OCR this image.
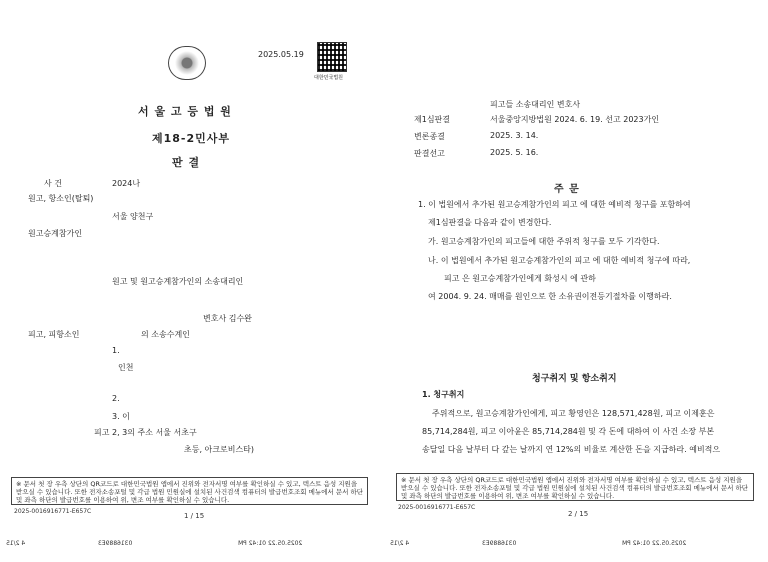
2025.05.19
대한민국법원
서 울 고 등 법 원
제18-2민사부
판 결
사 건	2024나
원고, 항소인(탈퇴)
서울 양천구
원고승계참가인
원고 및 원고승계참가인의 소송대리인
변호사 김수완
피고, 피항소인	의 소송수계인
1.
인천
2.
3. 이
피고 2, 3의 주소 서울 서초구
초등, 아크로비스타)
※ 문서 첫 장 우측 상단의 QR코드로 대한민국법원 앱에서 진위와 전자서명 여부를 확인하실 수 있고, 텍스트 음성 지원을 받으실 수 있습니다. 또한 전자소송포털 및 각급 법원 민원실에 설치된 사건검색 컴퓨터의 발급번호조회 메뉴에서 문서 하단 및 좌측 하단의 발급번호를 이용하여 위, 변조 여부를 확인하실 수 있습니다.
2025-0016916771-E657C
1 / 15
4 2/15	0316889E3	2025.05.22 01:42 PM
피고들 소송대리인 변호사
제1심판결	서울중앙지방법원 2024. 6. 19. 선고 2023가인
변론종결	2025. 3. 14.
판결선고	2025. 5. 16.
주 문
1. 이 법원에서 추가된 원고승계참가인의 피고 에 대한 예비적 청구를 포함하여
제1심판결을 다음과 같이 변경한다.
가. 원고승계참가인의 피고들에 대한 주위적 청구를 모두 기각한다.
나. 이 법원에서 추가된 원고승계참가인의 피고 에 대한 예비적 청구에 따라,
피고 은 원고승계참가인에게 화성시 에 관하
여 2004. 9. 24. 매매를 원인으로 한 소유권이전등기절차를 이행하라.
청구취지 및 항소취지
1. 청구취지
주위적으로, 원고승계참가인에게, 피고 황영인은 128,571,428원, 피고 이제훈은
85,714,284원, 피고 이아윤은 85,714,284원 및 각 돈에 대하여 이 사건 소장 부본
송달일 다음 날부터 다 갚는 날까지 연 12%의 비율로 계산한 돈을 지급하라. 예비적으
※ 문서 첫 장 우측 상단의 QR코드로 대한민국법원 앱에서 진위와 전자서명 여부를 확인하실 수 있고, 텍스트 음성 지원을 받으실 수 있습니다. 또한 전자소송포털 및 각급 법원 민원실에 설치된 사건검색 컴퓨터의 발급번호조회 메뉴에서 문서 하단 및 좌측 하단의 발급번호를 이용하여 위, 변조 여부를 확인하실 수 있습니다.
2025-0016916771-E657C
2 / 15
4 2/15	0316889E3	2025.05.22 01:42 PM
